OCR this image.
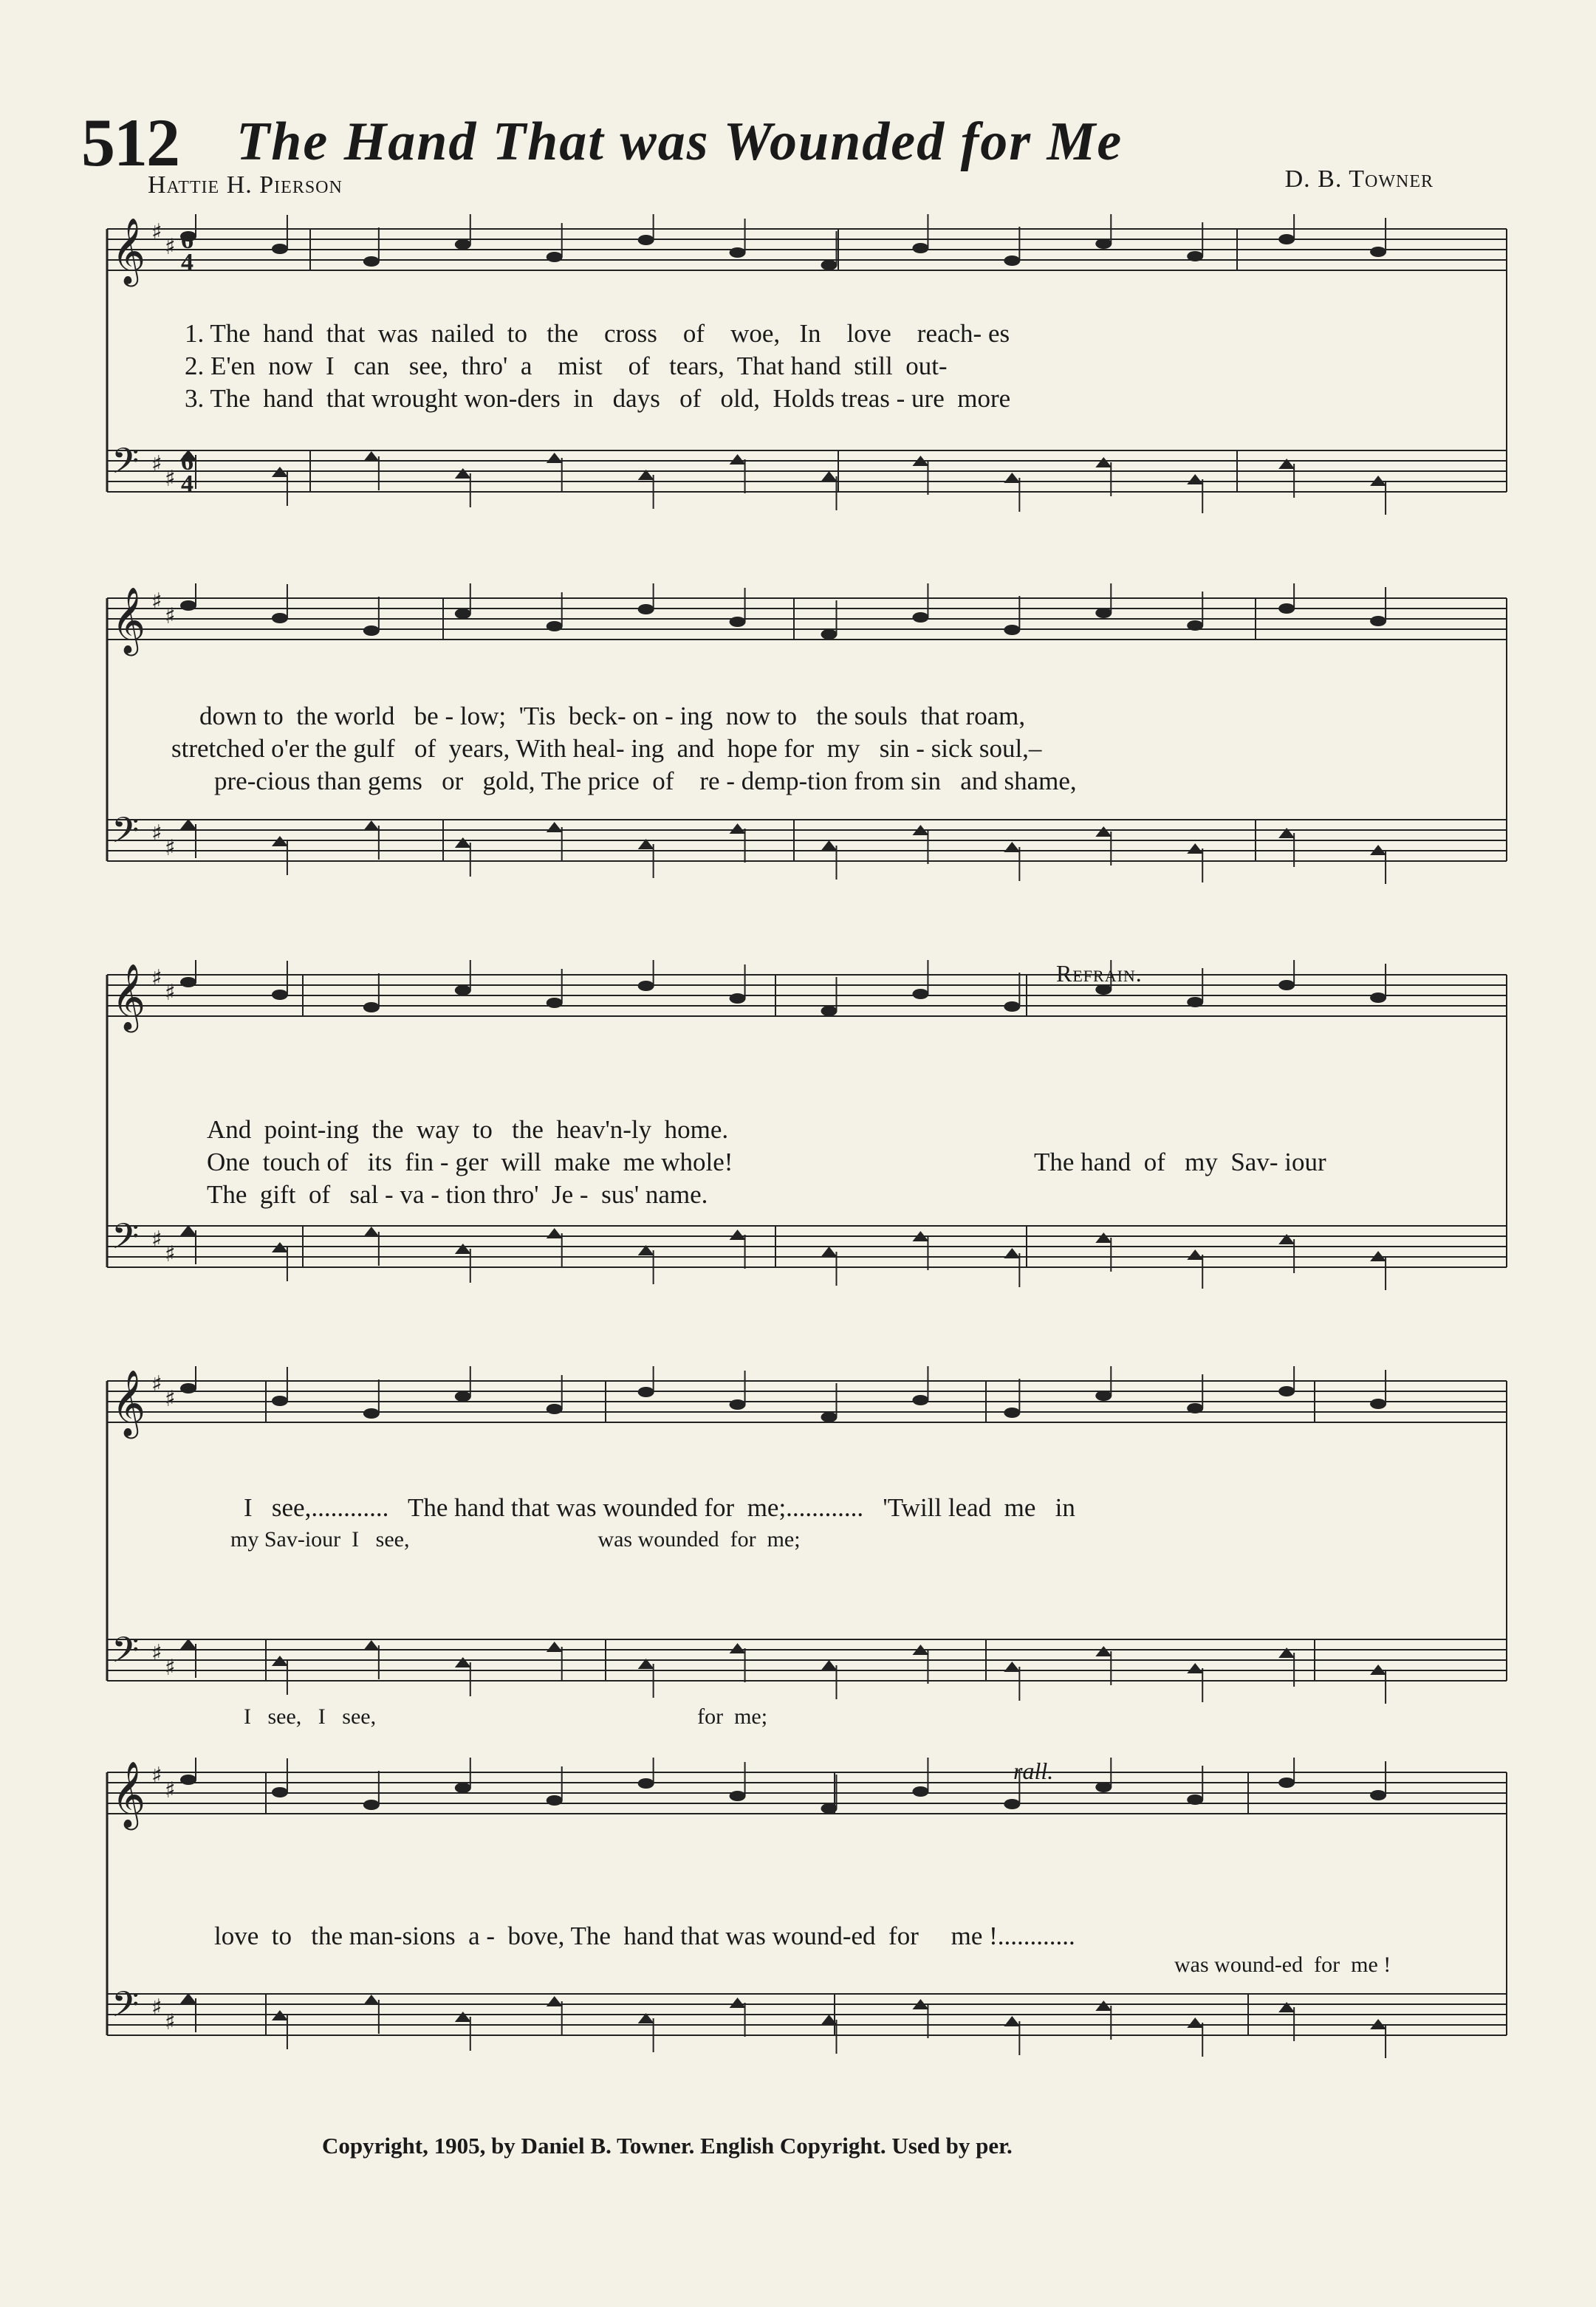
512 The Hand That was Wounded for Me
Hattie H. Pierson	D. B. Towner
𝄞 ♯
♯
𝄢 ♯
♯
6
4
6
4
1. The  hand  that  was  nailed  to   the    cross    of    woe,   In    love    reach- es
2. E'en  now  I   can   see,  thro'  a    mist    of   tears,  That hand  still  out-
3. The  hand  that wrought won-ders  in   days   of   old,  Holds treas - ure  more
𝄞 ♯
♯
𝄢 ♯
♯
down to  the world   be - low;  'Tis  beck- on - ing  now to   the souls  that roam,
stretched o'er the gulf   of  years, With heal- ing  and  hope for  my   sin - sick soul,–
pre-cious than gems   or   gold, The price  of    re - demp-tion from sin   and shame,
𝄞 ♯
♯
𝄢 ♯
♯
Refrain.
And  point-ing  the  way  to   the  heav'n-ly  home.
One  touch of   its  fin - ger  will  make  me whole!
The  gift  of   sal - va - tion thro'  Je -  sus' name.
The hand  of   my  Sav- iour
𝄞 ♯
♯
𝄢 ♯
♯
I   see,............   The hand that was wounded for  me;............   'Twill lead  me   in
my Sav-iour  I   see,                                  was wounded  for  me;
I   see,   I   see,                                                          for  me;
𝄞 ♯
♯
𝄢 ♯
♯
rall.
love  to   the man-sions  a -  bove, The  hand that was wound-ed  for     me !............
was wound-ed  for  me !
Copyright, 1905, by Daniel B. Towner. English Copyright. Used by per.
